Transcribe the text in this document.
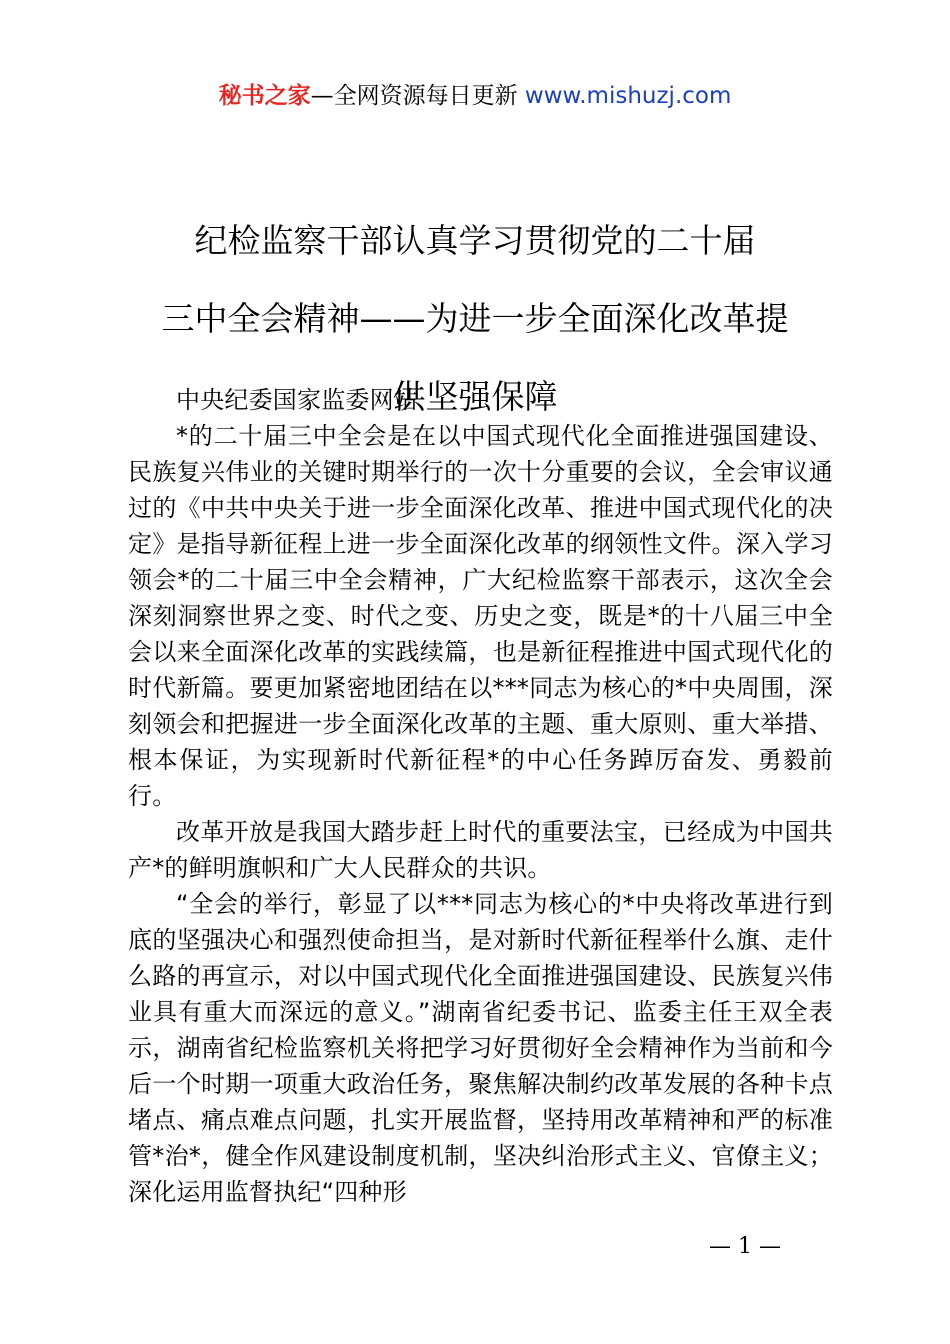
秘书之家—全网资源每日更新 www.mishuzj.com
纪检监察干部认真学习贯彻党的二十届
三中全会精神——为进一步全面深化改革提
供坚强保障

中央纪委国家监委网站

*的二十届三中全会是在以中国式现代化全面推进强国建设、民族复兴伟业的关键时期举行的一次十分重要的会议，全会审议通过的《中共中央关于进一步全面深化改革、推进中国式现代化的决定》是指导新征程上进一步全面深化改革的纲领性文件。深入学习领会*的二十届三中全会精神，广大纪检监察干部表示，这次全会深刻洞察世界之变、时代之变、历史之变，既是*的十八届三中全会以来全面深化改革的实践续篇，也是新征程推进中国式现代化的时代新篇。要更加紧密地团结在以***同志为核心的*中央周围，深刻领会和把握进一步全面深化改革的主题、重大原则、重大举措、根本保证，为实现新时代新征程*的中心任务踔厉奋发、勇毅前行。

改革开放是我国大踏步赶上时代的重要法宝，已经成为中国共产*的鲜明旗帜和广大人民群众的共识。

“全会的举行，彰显了以***同志为核心的*中央将改革进行到底的坚强决心和强烈使命担当，是对新时代新征程举什么旗、走什么路的再宣示，对以中国式现代化全面推进强国建设、民族复兴伟业具有重大而深远的意义。”湖南省纪委书记、监委主任王双全表示，湖南省纪检监察机关将把学习好贯彻好全会精神作为当前和今后一个时期一项重大政治任务，聚焦解决制约改革发展的各种卡点堵点、痛点难点问题，扎实开展监督，坚持用改革精神和严的标准管*治*，健全作风建设制度机制，坚决纠治形式主义、官僚主义；深化运用监督执纪“四种形

— 1 —
